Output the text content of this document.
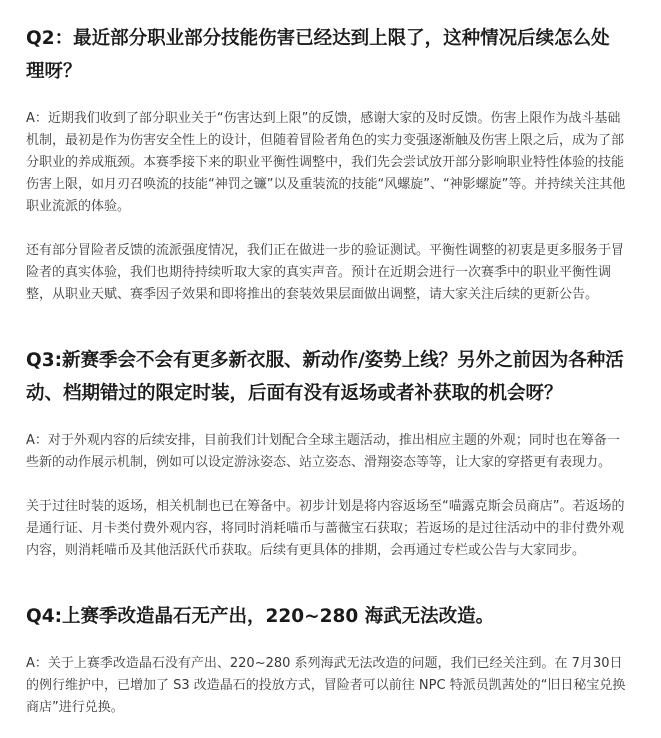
Q2：最近部分职业部分技能伤害已经达到上限了，这种情况后续怎么处理呀？

A：近期我们收到了部分职业关于“伤害达到上限”的反馈，感谢大家的及时反馈。伤害上限作为战斗基础机制，最初是作为伤害安全性上的设计，但随着冒险者角色的实力变强逐渐触及伤害上限之后，成为了部分职业的养成瓶颈。本赛季接下来的职业平衡性调整中，我们先会尝试放开部分影响职业特性体验的技能伤害上限，如月刃召唤流的技能“神罚之镰”以及重装流的技能“风螺旋”、“神影螺旋”等。并持续关注其他职业流派的体验。

还有部分冒险者反馈的流派强度情况，我们正在做进一步的验证测试。平衡性调整的初衷是更多服务于冒险者的真实体验，我们也期待持续听取大家的真实声音。预计在近期会进行一次赛季中的职业平衡性调整，从职业天赋、赛季因子效果和即将推出的套装效果层面做出调整，请大家关注后续的更新公告。

Q3:新赛季会不会有更多新衣服、新动作/姿势上线？另外之前因为各种活动、档期错过的限定时装，后面有没有返场或者补获取的机会呀？

A：对于外观内容的后续安排，目前我们计划配合全球主题活动，推出相应主题的外观；同时也在筹备一些新的动作展示机制，例如可以设定游泳姿态、站立姿态、滑翔姿态等等，让大家的穿搭更有表现力。

关于过往时装的返场，相关机制也已在筹备中。初步计划是将内容返场至“喵露克斯会员商店”。若返场的是通行证、月卡类付费外观内容，将同时消耗喵币与蔷薇宝石获取；若返场的是过往活动中的非付费外观内容，则消耗喵币及其他活跃代币获取。后续有更具体的排期，会再通过专栏或公告与大家同步。

Q4:上赛季改造晶石无产出，220~280 海武无法改造。

A：关于上赛季改造晶石没有产出、220~280 系列海武无法改造的问题，我们已经关注到。在 7月30日的例行维护中，已增加了 S3 改造晶石的投放方式，冒险者可以前往 NPC 特派员凯茜处的“旧日秘宝兑换商店”进行兑换。
